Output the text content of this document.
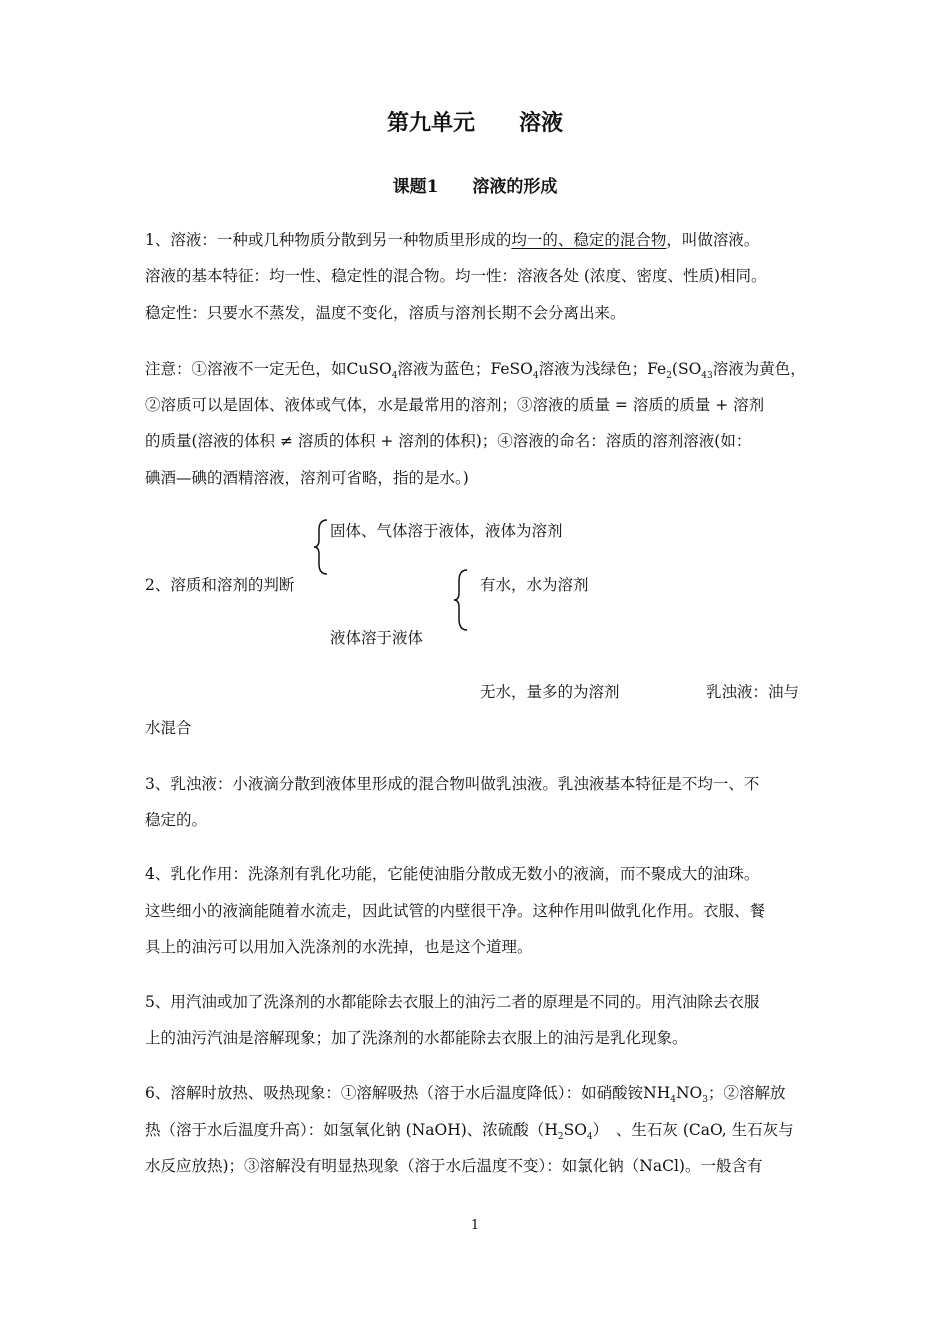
第九单元　　溶液
课题1　　溶液的形成
1、溶液：一种或几种物质分散到另一种物质里形成的均一的、稳定的混合物，叫做溶液。
溶液的基本特征：均一性、稳定性的混合物。均一性：溶液各处 (浓度、密度、性质)相同。
稳定性：只要水不蒸发，温度不变化，溶质与溶剂长期不会分离出来。
注意：①溶液不一定无色，如CuSO$_4$溶液为蓝色；FeSO$_4$溶液为浅绿色；$Fe_2(SO_{43}$溶液为黄色，
②溶质可以是固体、液体或气体，水是最常用的溶剂；③溶液的质量 = 溶质的质量 + 溶剂
的质量(溶液的体积 ≠ 溶质的体积 + 溶剂的体积)；④溶液的命名：溶质的溶剂溶液(如：
碘酒—碘的酒精溶液，溶剂可省略，指的是水。)
固体、气体溶于液体，液体为溶剂
2、溶质和溶剂的判断	有水，水为溶剂
液体溶于液体
无水，量多的为溶剂	乳浊液：油与
水混合
3、乳浊液：小液滴分散到液体里形成的混合物叫做乳浊液。乳浊液基本特征是不均一、不
稳定的。
4、乳化作用：洗涤剂有乳化功能，它能使油脂分散成无数小的液滴，而不聚成大的油珠。
这些细小的液滴能随着水流走，因此试管的内壁很干净。这种作用叫做乳化作用。衣服、餐
具上的油污可以用加入洗涤剂的水洗掉，也是这个道理。
5、用汽油或加了洗涤剂的水都能除去衣服上的油污二者的原理是不同的。用汽油除去衣服
上的油污汽油是溶解现象；加了洗涤剂的水都能除去衣服上的油污是乳化现象。
6、溶解时放热、吸热现象：①溶解吸热（溶于水后温度降低）：如硝酸铵$NH_4NO_3$；②溶解放
热（溶于水后温度升高）：如氢氧化钠 (NaOH)、浓硫酸$(H_2SO_4)$　、生石灰 (CaO, 生石灰与
水反应放热)；③溶解没有明显热现象（溶于水后温度不变）：如氯化钠（NaCl)。一般含有
1
